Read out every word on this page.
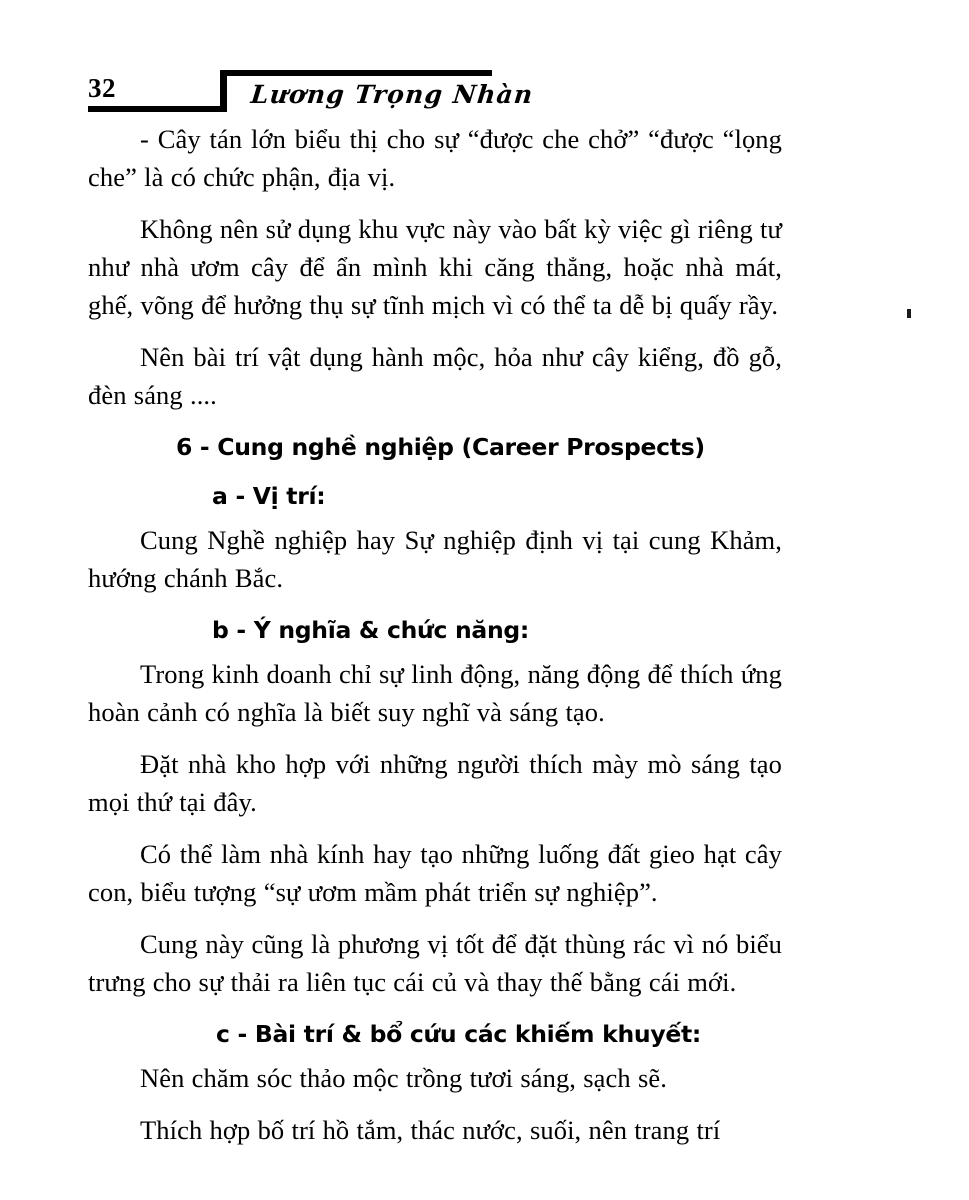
32	Lương Trọng Nhàn

- Cây tán lớn biểu thị cho sự “được che chở” “được “lọng che” là có chức phận, địa vị.

Không nên sử dụng khu vực này vào bất kỳ việc gì riêng tư như nhà ươm cây để ẩn mình khi căng thẳng, hoặc nhà mát, ghế, võng để hưởng thụ sự tĩnh mịch vì có thể ta dễ bị quấy rầy.

Nên bài trí vật dụng hành mộc, hỏa như cây kiểng, đồ gỗ, đèn sáng ....

6 - Cung nghề nghiệp (Career Prospects)
a - Vị trí:

Cung Nghề nghiệp hay Sự nghiệp định vị tại cung Khảm, hướng chánh Bắc.

b - Ý nghĩa & chức năng:

Trong kinh doanh chỉ sự linh động, năng động để thích ứng hoàn cảnh có nghĩa là biết suy nghĩ và sáng tạo.

Đặt nhà kho hợp với những người thích mày mò sáng tạo mọi thứ tại đây.

Có thể làm nhà kính hay tạo những luống đất gieo hạt cây con, biểu tượng “sự ươm mầm phát triển sự nghiệp”.

Cung này cũng là phương vị tốt để đặt thùng rác vì nó biểu trưng cho sự thải ra liên tục cái củ và thay thế bằng cái mới.

c - Bài trí & bổ cứu các khiếm khuyết:

Nên chăm sóc thảo mộc trồng tươi sáng, sạch sẽ.

Thích hợp bố trí hồ tắm, thác nước, suối, nên trang trí
